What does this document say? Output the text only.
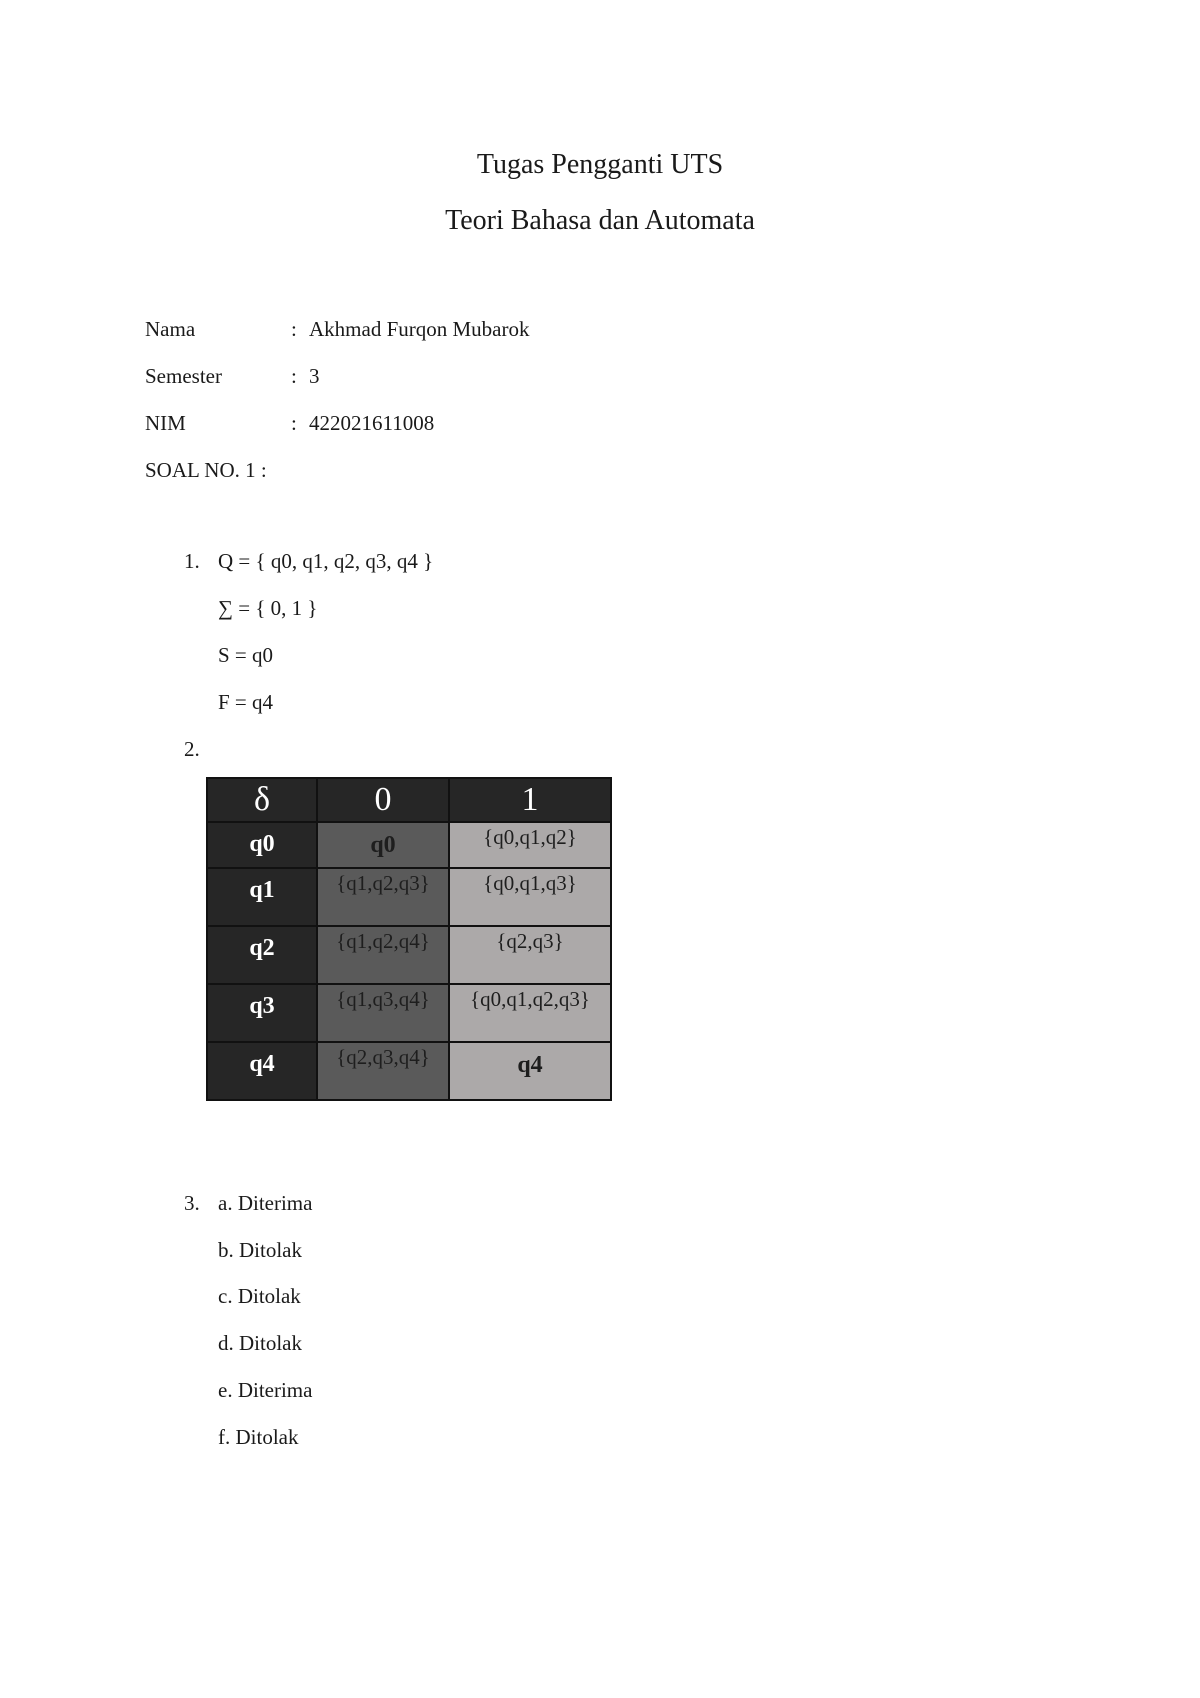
Tugas Pengganti UTS
Teori Bahasa dan Automata
Nama	: Akhmad Furqon Mubarok
Semester	: 3
NIM	: 422021611008
SOAL NO. 1 :
1. Q = { q0, q1, q2, q3, q4 }
∑ = { 0, 1 }
S = q0
F = q4
2.
δ	0	1
q0	q0	{q0,q1,q2}
q1	{q1,q2,q3}	{q0,q1,q3}
q2	{q1,q2,q4}	{q2,q3}
q3	{q1,q3,q4}	{q0,q1,q2,q3}

q4	{q2,q3,q4}	q4
3. a. Diterima
b. Ditolak
c. Ditolak
d. Ditolak
e. Diterima
f. Ditolak
